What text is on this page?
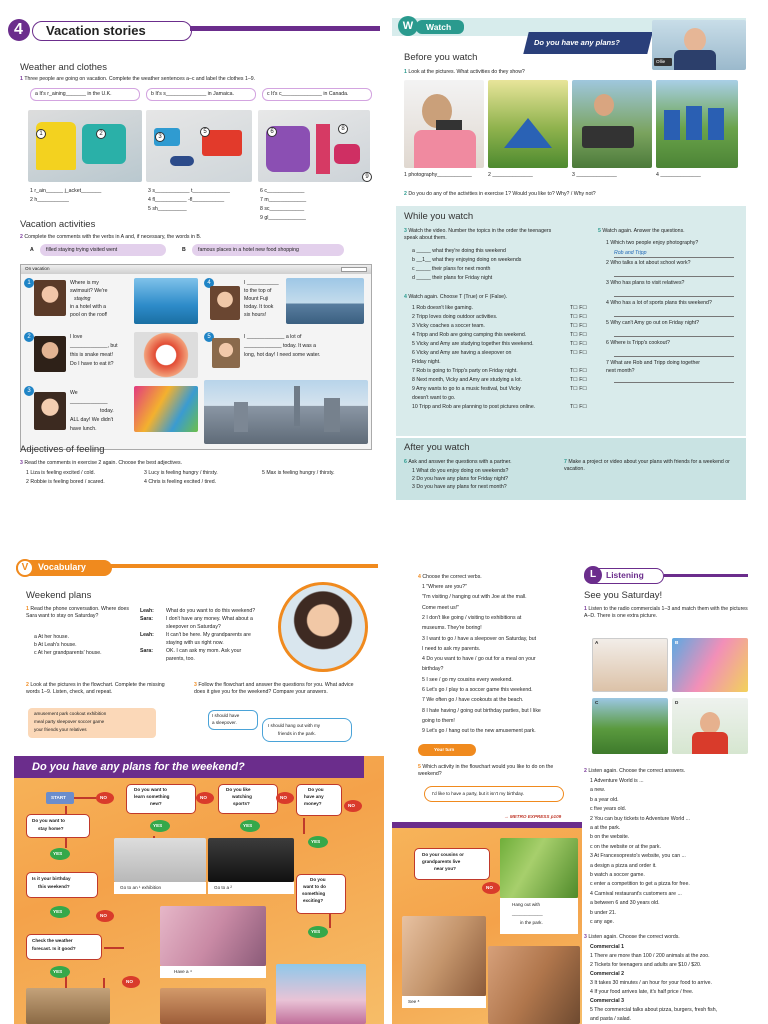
4 Vacation stories
Weather and clothes
1 Three people are going on vacation. Complete the weather sentences a–c and label the clothes 1–9.
a It's r_aining_______ in the U.K.	b It's s______________ in Jamaica.	c It's c______________ in Canada.
1	2	3
5	6	8
9
1 r_ain______ j_acket_______
2 h___________
3 s____________ t_____________
4 fl___________ -fl___________
5 sh__________
6 c_____________
7 m_____________
8 sc____________
9 gl_____________
Vacation activities
2 Complete the comments with the verbs in A and, if necessary, the words in B.
A filled staying trying visited went	B famous places in a hotel new food shopping
On vacation
1	Where is my
swimsuit? We're
staying
in a hotel with a
pool on the roof!
4	I ___________
to the top of
Mount Fuji
today. It took
six hours!
2	I love
_____________, but
this is snake meat!
Do I have to eat it?
5	I _____________ a lot of
_____________ today. It was a
long, hot day! I need some water.
3	We
_____________
today.
ALL day! We didn't
have lunch.
Adjectives of feeling
3 Read the comments in exercise 2 again. Choose the best adjectives.
1 Liza is feeling excited / cold.
2 Robbie is feeling bored / scared.
3 Lucy is feeling hungry / thirsty.
4 Chris is feeling excited / tired.
5 Max is feeling hungry / thirsty.
W	Watch
Do you have any plans?
Ollie
Before you watch
1 Look at the pictures. What activities do they show?
1 photography____________	2 ______________	3 ______________	4 ______________
2 Do you do any of the activities in exercise 1? Would you like to? Why? / Why not?
While you watch
3 Watch the video. Number the topics in the order the teenagers speak about them.
a _____ what they're doing this weekend
b __1__ what they enjoying doing on weekends
c _____ their plans for next month
d _____ their plans for Friday night
4 Watch again. Choose T (True) or F (False).
1 Rob doesn't like gaming.	T☐ F☐
2 Tripp loves doing outdoor activities.	T☐ F☐
3 Vicky coaches a soccer team.	T☐ F☐
4 Tripp and Rob are going camping this weekend.	T☐ F☐
5 Vicky and Amy are studying together this weekend.	T☐ F☐
6 Vicky and Amy are having a sleepover on	T☐ F☐
Friday night.
7 Rob is going to Tripp's party on Friday night.	T☐ F☐
8 Next month, Vicky and Amy are studying a lot.	T☐ F☐
9 Amy wants to go to a music festival, but Vicky	T☐ F☐
doesn't want to go.
10 Tripp and Rob are planning to post pictures online.	T☐ F☐
5 Watch again. Answer the questions.
1 Which two people enjoy photography?
Rob and Tripp
2 Who talks a lot about school work?
3 Who has plans to visit relatives?
4 Who has a lot of sports plans this weekend?
5 Why can't Amy go out on Friday night?
6 Where is Tripp's cookout?
7 What are Rob and Tripp doing together
next month?
After you watch
6 Ask and answer the questions with a partner.
1 What do you enjoy doing on weekends?
2 Do you have any plans for Friday night?
3 Do you have any plans for next month?
7 Make a project or video about your plans with friends for a weekend or vacation.
V	Vocabulary
Weekend plans
1 Read the phone conversation. Where does Sara want to stay on Saturday?
a At her house.
b At Leah's house.
c At her grandparents' house.
Leah: What do you want to do this weekend?
Sara:	I don't have any money. What about a
sleepover on Saturday?
Leah: It can't be here. My grandparents are
staying with us right now.
Sara:	OK. I can ask my mom. Ask your
parents, too.
2 Look at the pictures in the flowchart. Complete the missing words 1–9. Listen, check, and repeat.
amusement park cookout exhibition
meal party sleepover soccer game
your friends your relatives
3 Follow the flowchart and answer the questions for you. What advice does it give you for the weekend? Compare your answers.
I should have
a sleepover.
I should hang out with my
friends in the park.
Do you have any plans for the weekend?
START	NO
Do you want to
learn something
new?
NO
Do you like
watching
sports?
NO
Do you
have any
money?	NO
Do you want to
stay home?
YES	YES
YES
YES
Go to an ¹ exhibition	Go to a ²
Is it your birthday
this weekend?
Do you
want to do
something
exciting?
YES
NO
YES
Have a ⁴
Check the weather
forecast. Is it good?
YES
NO
4 Choose the correct verbs.
1 "Where are you?"
"I'm visiting / hanging out with Joe at the mall.
Come meet us!"
2 I don't like going / visiting to exhibitions at
museums. They're boring!
3 I want to go / have a sleepover on Saturday, but
I need to ask my parents.
4 Do you want to have / go out for a meal on your
birthday?
5 I see / go my cousins every weekend.
6 Let's go / play to a soccer game this weekend.
7 We often go / have cookouts at the beach.
8 I hate having / going out birthday parties, but I like
going to them!
9 Let's go / hang out to the new amusement park.
Your turn
5 Which activity in the flowchart would you like to do on the weekend?
I'd like to have a party, but it isn't my birthday.
→ METRO EXPRESS p109
Do your cousins or
grandparents live
near you?
NO
Hang out with
____________
in the park.
See ⁸
L	Listening
See you Saturday!
1 Listen to the radio commercials 1–3 and match them with the pictures A–D. There is one extra picture.
A	B
C	D
2 Listen again. Choose the correct answers.
1 Adventure World is ...
a new.
b a year old.
c five years old.
2 You can buy tickets to Adventure World ...
a at the park.
b on the website.
c on the website or at the park.
3 At Francesopresto's website, you can ...
a design a pizza and order it.
b watch a soccer game.
c enter a competition to get a pizza for free.
4 Carnival restaurant's customers are ...
a between 6 and 30 years old.
b under 21.
c any age.
3 Listen again. Choose the correct words.
Commercial 1
1 There are more than 100 / 200 animals at the zoo.
2 Tickets for teenagers and adults are $10 / $20.
Commercial 2
3 It takes 30 minutes / an hour for your food to arrive.
4 If your food arrives late, it's half price / free.
Commercial 3
5 The commercial talks about pizza, burgers, fresh fish,
and pasta / salad.
